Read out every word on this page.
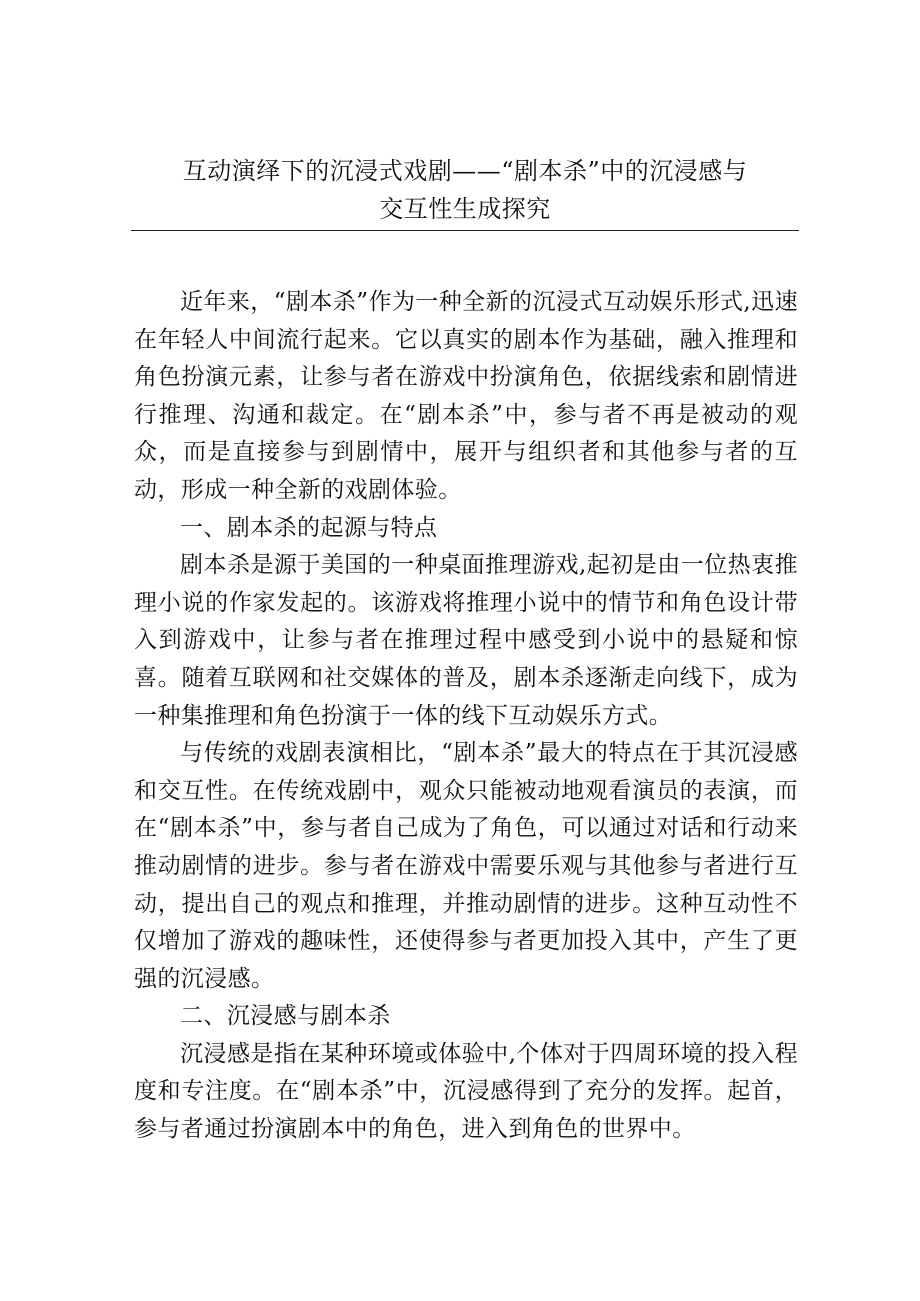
互动演绎下的沉浸式戏剧——“剧本杀”中的沉浸感与
交互性生成探究

近年来，“剧本杀”作为一种全新的沉浸式互动娱乐形式,迅速在年轻人中间流行起来。它以真实的剧本作为基础，融入推理和角色扮演元素，让参与者在游戏中扮演角色，依据线索和剧情进行推理、沟通和裁定。在“剧本杀”中，参与者不再是被动的观众，而是直接参与到剧情中，展开与组织者和其他参与者的互动，形成一种全新的戏剧体验。

一、剧本杀的起源与特点

剧本杀是源于美国的一种桌面推理游戏,起初是由一位热衷推理小说的作家发起的。该游戏将推理小说中的情节和角色设计带入到游戏中，让参与者在推理过程中感受到小说中的悬疑和惊喜。随着互联网和社交媒体的普及，剧本杀逐渐走向线下，成为一种集推理和角色扮演于一体的线下互动娱乐方式。

与传统的戏剧表演相比，“剧本杀”最大的特点在于其沉浸感和交互性。在传统戏剧中，观众只能被动地观看演员的表演，而在“剧本杀”中，参与者自己成为了角色，可以通过对话和行动来推动剧情的进步。参与者在游戏中需要乐观与其他参与者进行互动，提出自己的观点和推理，并推动剧情的进步。这种互动性不仅增加了游戏的趣味性，还使得参与者更加投入其中，产生了更强的沉浸感。

二、沉浸感与剧本杀

沉浸感是指在某种环境或体验中,个体对于四周环境的投入程度和专注度。在“剧本杀”中，沉浸感得到了充分的发挥。起首，参与者通过扮演剧本中的角色，进入到角色的世界中。
